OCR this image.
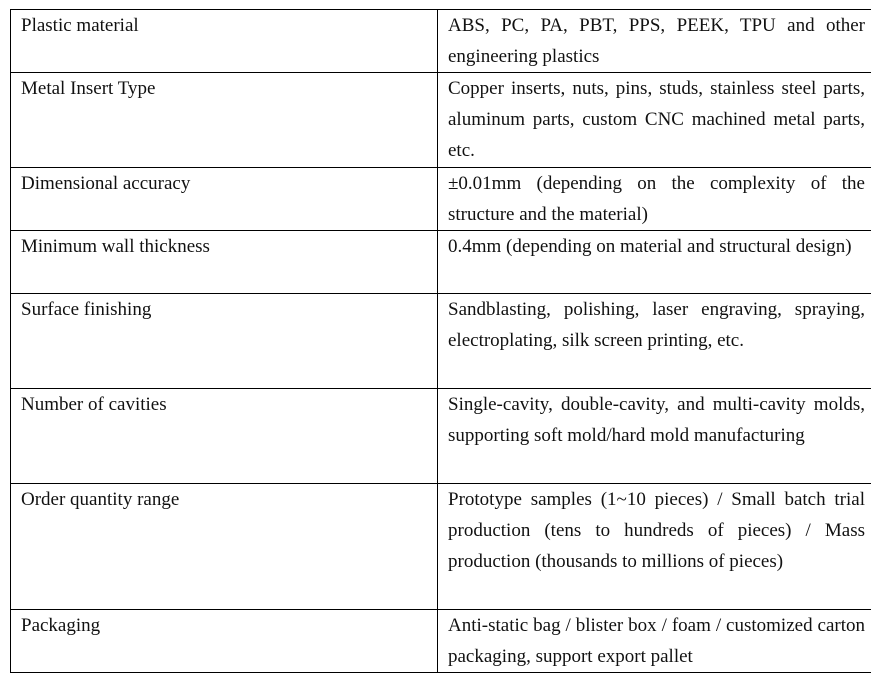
Plastic material	ABS, PC, PA, PBT, PPS, PEEK, TPU and other engineering plastics
Metal Insert Type	Copper inserts, nuts, pins, studs, stainless steel parts, aluminum parts, custom CNC machined metal parts, etc.
Dimensional accuracy	±0.01mm (depending on the complexity of the structure and the material)
Minimum wall thickness	0.4mm (depending on material and structural design)
Surface finishing	Sandblasting, polishing, laser engraving, spraying, electroplating, silk screen printing, etc.
Number of cavities	Single-cavity, double-cavity, and multi-cavity molds, supporting soft mold/hard mold manufacturing
Order quantity range	Prototype samples (1~10 pieces) / Small batch trial production (tens to hundreds of pieces) / Mass production (thousands to millions of pieces)
Packaging	Anti-static bag / blister box / foam / customized carton packaging, support export pallet
